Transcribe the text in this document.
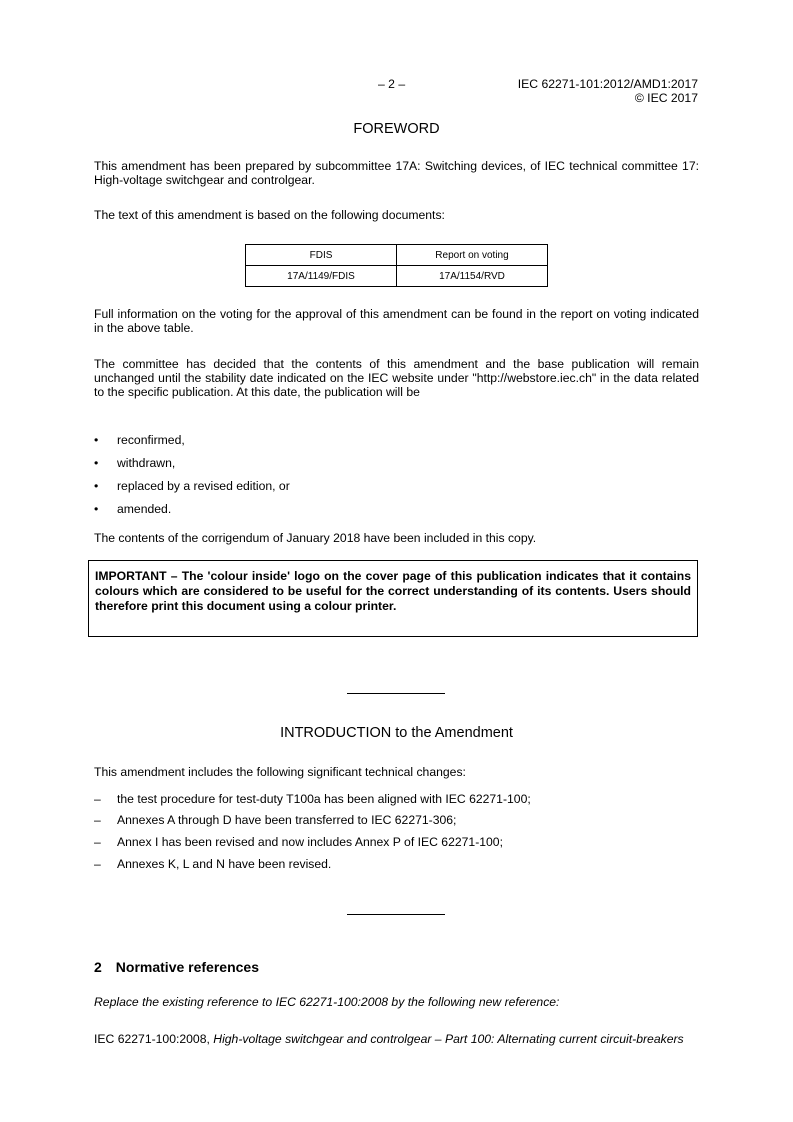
– 2 –	IEC 62271-101:2012/AMD1:2017
© IEC 2017
FOREWORD
This amendment has been prepared by subcommittee 17A: Switching devices, of IEC technical committee 17: High-voltage switchgear and controlgear.
The text of this amendment is based on the following documents:
FDIS	Report on voting
17A/1149/FDIS	17A/1154/RVD
Full information on the voting for the approval of this amendment can be found in the report on voting indicated in the above table.
The committee has decided that the contents of this amendment and the base publication will remain unchanged until the stability date indicated on the IEC website under "http://webstore.iec.ch" in the data related to the specific publication. At this date, the publication will be
•	reconfirmed,
•	withdrawn,
•	replaced by a revised edition, or
•	amended.
The contents of the corrigendum of January 2018 have been included in this copy.
IMPORTANT – The 'colour inside' logo on the cover page of this publication indicates that it contains colours which are considered to be useful for the correct understanding of its contents. Users should therefore print this document using a colour printer.
INTRODUCTION to the Amendment
This amendment includes the following significant technical changes:
–	the test procedure for test-duty T100a has been aligned with IEC 62271-100;
–	Annexes A through D have been transferred to IEC 62271-306;
–	Annex I has been revised and now includes Annex P of IEC 62271-100;
–	Annexes K, L and N have been revised.
2 Normative references
Replace the existing reference to IEC 62271-100:2008 by the following new reference:
IEC 62271-100:2008, High-voltage switchgear and controlgear – Part 100: Alternating current circuit-breakers
